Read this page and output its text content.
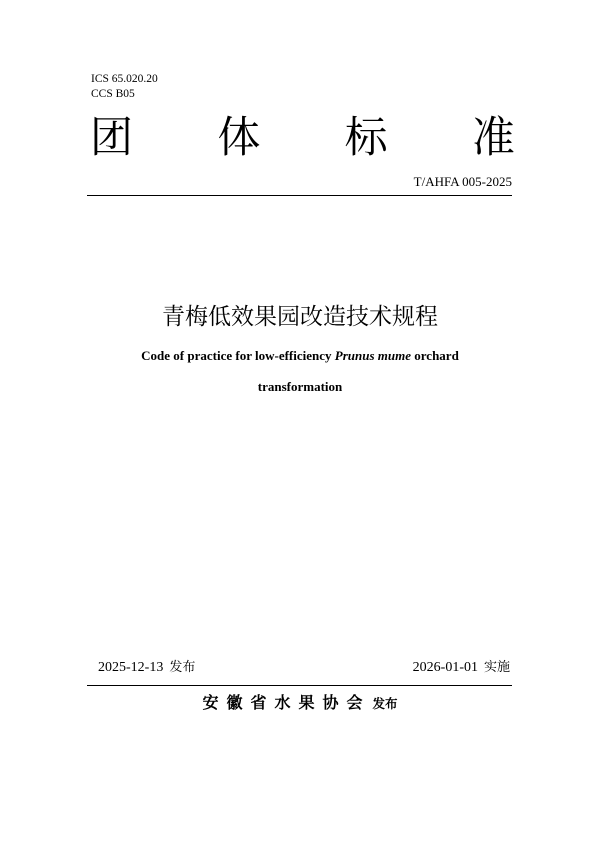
ICS 65.020.20
CCS B05
团 体 标 准
T/AHFA 005-2025
青梅低效果园改造技术规程
Code of practice for low-efficiency Prunus mume orchard
transformation
2025-12-13 发布	2026-01-01 实施
安徽省水果协会 发布
